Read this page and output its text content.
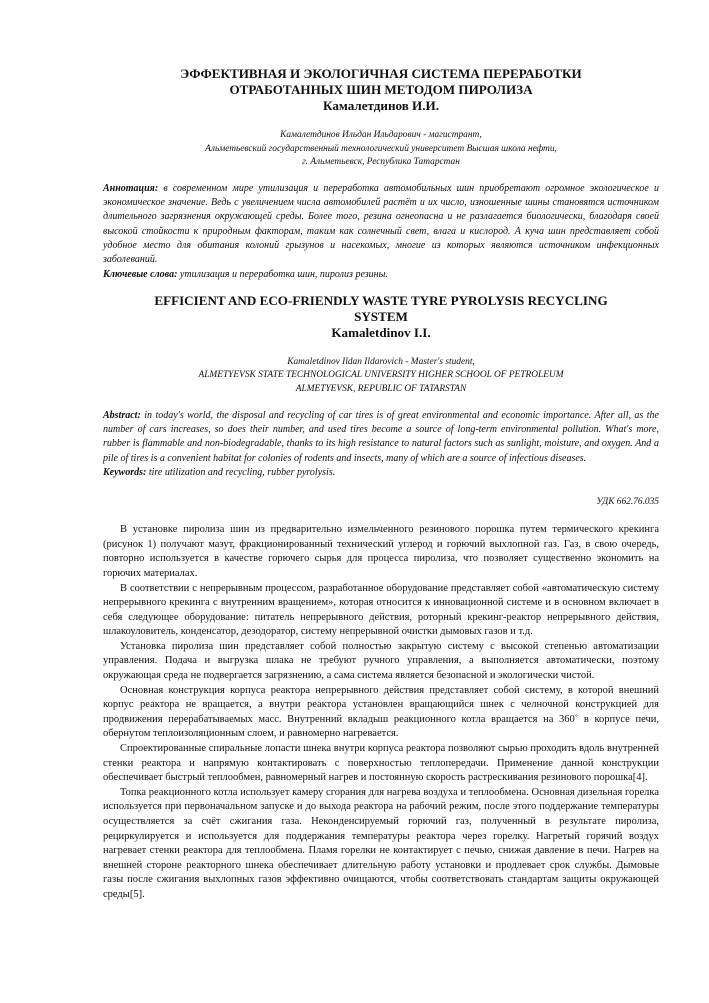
ЭФФЕКТИВНАЯ И ЭКОЛОГИЧНАЯ СИСТЕМА ПЕРЕРАБОТКИ

ОТРАБОТАННЫХ ШИН МЕТОДОМ ПИРОЛИЗА

Камалетдинов И.И.

Камалетдинов Ильдан Ильдарович - магистрант,

Альметьевский государственный технологический университет Высшая школа нефти,

г. Альметьевск, Республика Татарстан

Аннотация: в современном мире утилизация и переработка автомобильных шин приобретают огромное экологическое и экономическое значение. Ведь с увеличением числа автомобилей растёт и их число, изношенные шины становятся источником длительного загрязнения окружающей среды. Более того, резина огнеопасна и не разлагается биологически, благодаря своей высокой стойкости к природным факторам, таким как солнечный свет, влага и кислород. А куча шин представляет собой удобное место для обитания колоний грызунов и насекомых, многие из которых являются источником инфекционных заболеваний.

Ключевые слова: утилизация и переработка шин, пиролиз резины.

EFFICIENT AND ECO-FRIENDLY WASTE TYRE PYROLYSIS RECYCLING

SYSTEM

Kamaletdinov I.I.

Kamaletdinov Ildan Ildarovich - Master's student,

ALMETYEVSK STATE TECHNOLOGICAL UNIVERSITY HIGHER SCHOOL OF PETROLEUM

ALMETYEVSK, REPUBLIC OF TATARSTAN

Abstract: in today's world, the disposal and recycling of car tires is of great environmental and economic importance. After all, as the number of cars increases, so does their number, and used tires become a source of long-term environmental pollution. What's more, rubber is flammable and non-biodegradable, thanks to its high resistance to natural factors such as sunlight, moisture, and oxygen. And a pile of tires is a convenient habitat for colonies of rodents and insects, many of which are a source of infectious diseases.

Keywords: tire utilization and recycling, rubber pyrolysis.

УДК 662.76.035

В установке пиролиза шин из предварительно измельченного резинового порошка путем термического крекинга (рисунок 1) получают мазут, фракционированный технический углерод и горючий выхлопной газ. Газ, в свою очередь, повторно используется в качестве горючего сырья для процесса пиролиза, что позволяет существенно экономить на горючих материалах.

В соответствии с непрерывным процессом, разработанное оборудование представляет собой «автоматическую систему непрерывного крекинга с внутренним вращением», которая относится к инновационной системе и в основном включает в себя следующее оборудование: питатель непрерывного действия, роторный крекинг-реактор непрерывного действия, шлакоуловитель, конденсатор, дезодоратор, систему непрерывной очистки дымовых газов и т.д.

Установка пиролиза шин представляет собой полностью закрытую систему с высокой степенью автоматизации управления. Подача и выгрузка шлака не требуют ручного управления, а выполняется автоматически, поэтому окружающая среда не подвергается загрязнению, а сама система является безопасной и экологически чистой.

Основная конструкция корпуса реактора непрерывного действия представляет собой систему, в которой внешний корпус реактора не вращается, а внутри реактора установлен вращающийся шнек с челночной конструкцией для продвижения перерабатываемых масс. Внутренний вкладыш реакционного котла вращается на 360˚ в корпусе печи, обернутом теплоизоляционным слоем, и равномерно нагревается.

Спроектированные спиральные лопасти шнека внутри корпуса реактора позволяют сырью проходить вдоль внутренней стенки реактора и напрямую контактировать с поверхностью теплопередачи. Применение данной конструкции обеспечивает быстрый теплообмен, равномерный нагрев и постоянную скорость растрескивания резинового порошка[4].

Топка реакционного котла использует камеру сгорания для нагрева воздуха и теплообмена. Основная дизельная горелка используется при первоначальном запуске и до выхода реактора на рабочий режим, после этого поддержание температуры осуществляется за счёт сжигания газа. Неконденсируемый горючий газ, полученный в результате пиролиза, рециркулируется и используется для поддержания температуры реактора через горелку. Нагретый горячий воздух нагревает стенки реактора для теплообмена. Пламя горелки не контактирует с печью, снижая давление в печи. Нагрев на внешней стороне реакторного шнека обеспечивает длительную работу установки и продлевает срок службы. Дымовые газы после сжигания выхлопных газов эффективно очищаются, чтобы соответствовать стандартам защиты окружающей среды[5].
